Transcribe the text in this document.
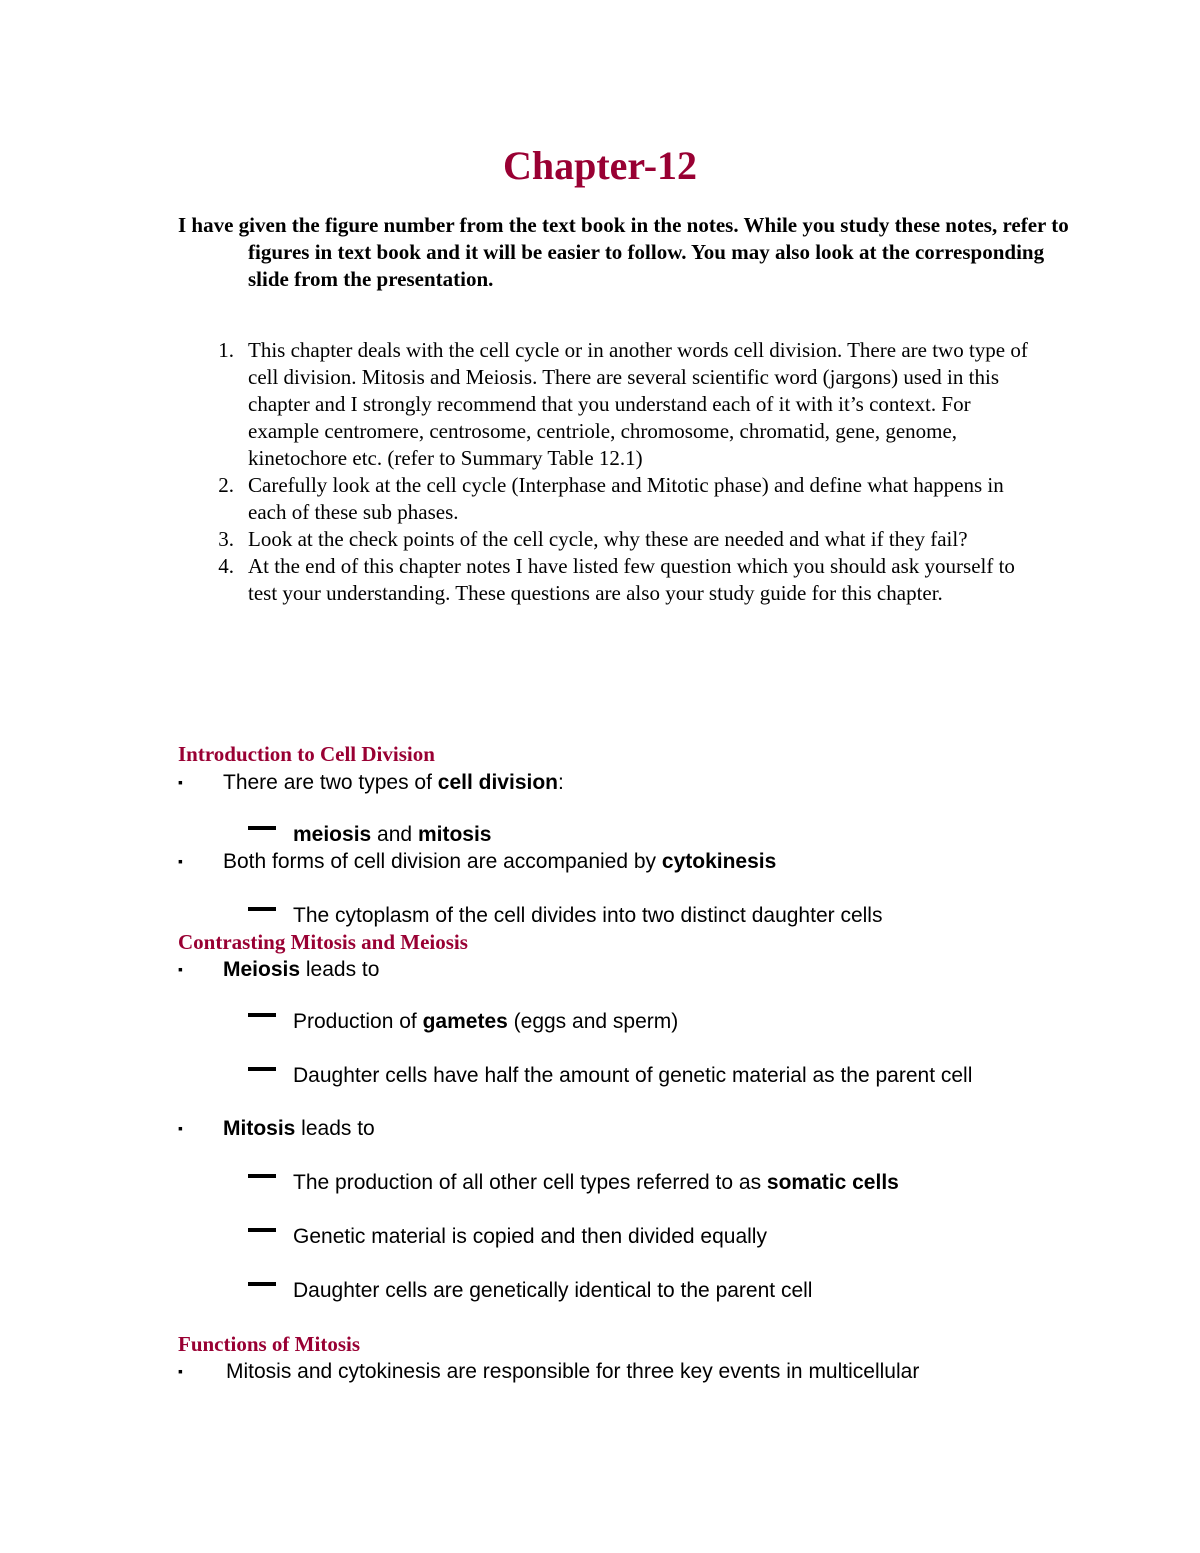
Chapter-12

I have given the figure number from the text book in the notes. While you study these notes, refer to figures in text book and it will be easier to follow. You may also look at the corresponding slide from the presentation.

1. This chapter deals with the cell cycle or in another words cell division. There are two type of cell division. Mitosis and Meiosis. There are several scientific word (jargons) used in this chapter and I strongly recommend that you understand each of it with it’s context. For example centromere, centrosome, centriole, chromosome, chromatid, gene, genome, kinetochore etc. (refer to Summary Table 12.1)
2. Carefully look at the cell cycle (Interphase and Mitotic phase) and define what happens in each of these sub phases.
3. Look at the check points of the cell cycle, why these are needed and what if they fail?
4. At the end of this chapter notes I have listed few question which you should ask yourself to test your understanding. These questions are also your study guide for this chapter.
Introduction to Cell Division
▪ There are two types of cell division:
meiosis and mitosis
▪ Both forms of cell division are accompanied by cytokinesis
The cytoplasm of the cell divides into two distinct daughter cells
Contrasting Mitosis and Meiosis
▪ Meiosis leads to
Production of gametes (eggs and sperm)
Daughter cells have half the amount of genetic material as the parent cell
▪ Mitosis leads to
The production of all other cell types referred to as somatic cells
Genetic material is copied and then divided equally
Daughter cells are genetically identical to the parent cell
Functions of Mitosis
▪ Mitosis and cytokinesis are responsible for three key events in multicellular
